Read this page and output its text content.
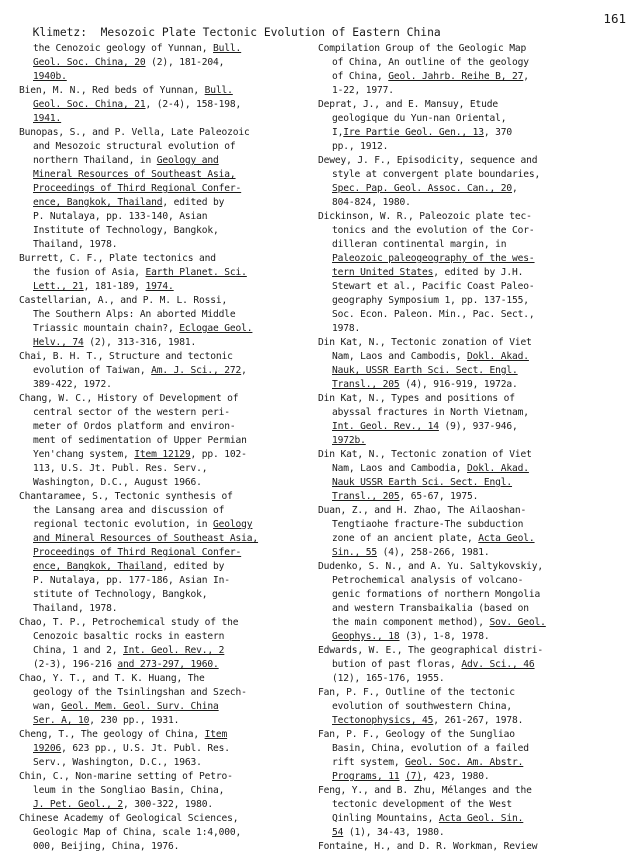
Klimetz:  Mesozoic Plate Tectonic Evolution of Eastern China

161

the Cenozoic geology of Yunnan, Bull.
Geol. Soc. China, 20 (2), 181-204,
1940b.
Bien, M. N., Red beds of Yunnan, Bull.
Geol. Soc. China, 21, (2-4), 158-198,
1941.
Bunopas, S., and P. Vella, Late Paleozoic
and Mesozoic structural evolution of
northern Thailand, in Geology and
Mineral Resources of Southeast Asia,
Proceedings of Third Regional Confer-
ence, Bangkok, Thailand, edited by
P. Nutalaya, pp. 133-140, Asian
Institute of Technology, Bangkok,
Thailand, 1978.
Burrett, C. F., Plate tectonics and
the fusion of Asia, Earth Planet. Sci.
Lett., 21, 181-189, 1974.
Castellarian, A., and P. M. L. Rossi,
The Southern Alps: An aborted Middle
Triassic mountain chain?, Eclogae Geol.
Helv., 74 (2), 313-316, 1981.
Chai, B. H. T., Structure and tectonic
evolution of Taiwan, Am. J. Sci., 272,
389-422, 1972.
Chang, W. C., History of Development of
central sector of the western peri-
meter of Ordos platform and environ-
ment of sedimentation of Upper Permian
Yen'chang system, Item 12129, pp. 102-
113, U.S. Jt. Publ. Res. Serv.,
Washington, D.C., August 1966.
Chantaramee, S., Tectonic synthesis of
the Lansang area and discussion of
regional tectonic evolution, in Geology
and Mineral Resources of Southeast Asia,
Proceedings of Third Regional Confer-
ence, Bangkok, Thailand, edited by
P. Nutalaya, pp. 177-186, Asian In-
stitute of Technology, Bangkok,
Thailand, 1978.
Chao, T. P., Petrochemical study of the
Cenozoic basaltic rocks in eastern
China, 1 and 2, Int. Geol. Rev., 2
(2-3), 196-216 and 273-297, 1960.
Chao, Y. T., and T. K. Huang, The
geology of the Tsinlingshan and Szech-
wan, Geol. Mem. Geol. Surv. China
Ser. A, 10, 230 pp., 1931.
Cheng, T., The geology of China, Item
19206, 623 pp., U.S. Jt. Publ. Res.
Serv., Washington, D.C., 1963.
Chin, C., Non-marine setting of Petro-
leum in the Songliao Basin, China,
J. Pet. Geol., 2, 300-322, 1980.
Chinese Academy of Geological Sciences,
Geologic Map of China, scale 1:4,000,
000, Beijing, China, 1976.
Compilation Group of the Geologic Map
of China, An outline of the geology
of China, Geol. Jahrb. Reihe B, 27,
1-22, 1977.
Deprat, J., and E. Mansuy, Etude
geologique du Yun-nan Oriental,
I,Ire Partie Geol. Gen., 13, 370
pp., 1912.
Dewey, J. F., Episodicity, sequence and
style at convergent plate boundaries,
Spec. Pap. Geol. Assoc. Can., 20,
804-824, 1980.
Dickinson, W. R., Paleozoic plate tec-
tonics and the evolution of the Cor-
dilleran continental margin, in
Paleozoic paleogeography of the wes-
tern United States, edited by J.H.
Stewart et al., Pacific Coast Paleo-
geography Symposium 1, pp. 137-155,
Soc. Econ. Paleon. Min., Pac. Sect.,
1978.
Din Kat, N., Tectonic zonation of Viet
Nam, Laos and Cambodis, Dokl. Akad.
Nauk, USSR Earth Sci. Sect. Engl.
Transl., 205 (4), 916-919, 1972a.
Din Kat, N., Types and positions of
abyssal fractures in North Vietnam,
Int. Geol. Rev., 14 (9), 937-946,
1972b.
Din Kat, N., Tectonic zonation of Viet
Nam, Laos and Cambodia, Dokl. Akad.
Nauk USSR Earth Sci. Sect. Engl.
Transl., 205, 65-67, 1975.
Duan, Z., and H. Zhao, The Ailaoshan-
Tengtiaohe fracture-The subduction
zone of an ancient plate, Acta Geol.
Sin., 55 (4), 258-266, 1981.
Dudenko, S. N., and A. Yu. Saltykovskiy,
Petrochemical analysis of volcano-
genic formations of northern Mongolia
and western Transbaikalia (based on
the main component method), Sov. Geol.
Geophys., 18 (3), 1-8, 1978.
Edwards, W. E., The geographical distri-
bution of past floras, Adv. Sci., 46
(12), 165-176, 1955.
Fan, P. F., Outline of the tectonic
evolution of southwestern China,
Tectonophysics, 45, 261-267, 1978.
Fan, P. F., Geology of the Sungliao
Basin, China, evolution of a failed
rift system, Geol. Soc. Am. Abstr.
Programs, 11 (7), 423, 1980.
Feng, Y., and B. Zhu, Mélanges and the
tectonic development of the West
Qinling Mountains, Acta Geol. Sin.
54 (1), 34-43, 1980.
Fontaine, H., and D. R. Workman, Review
